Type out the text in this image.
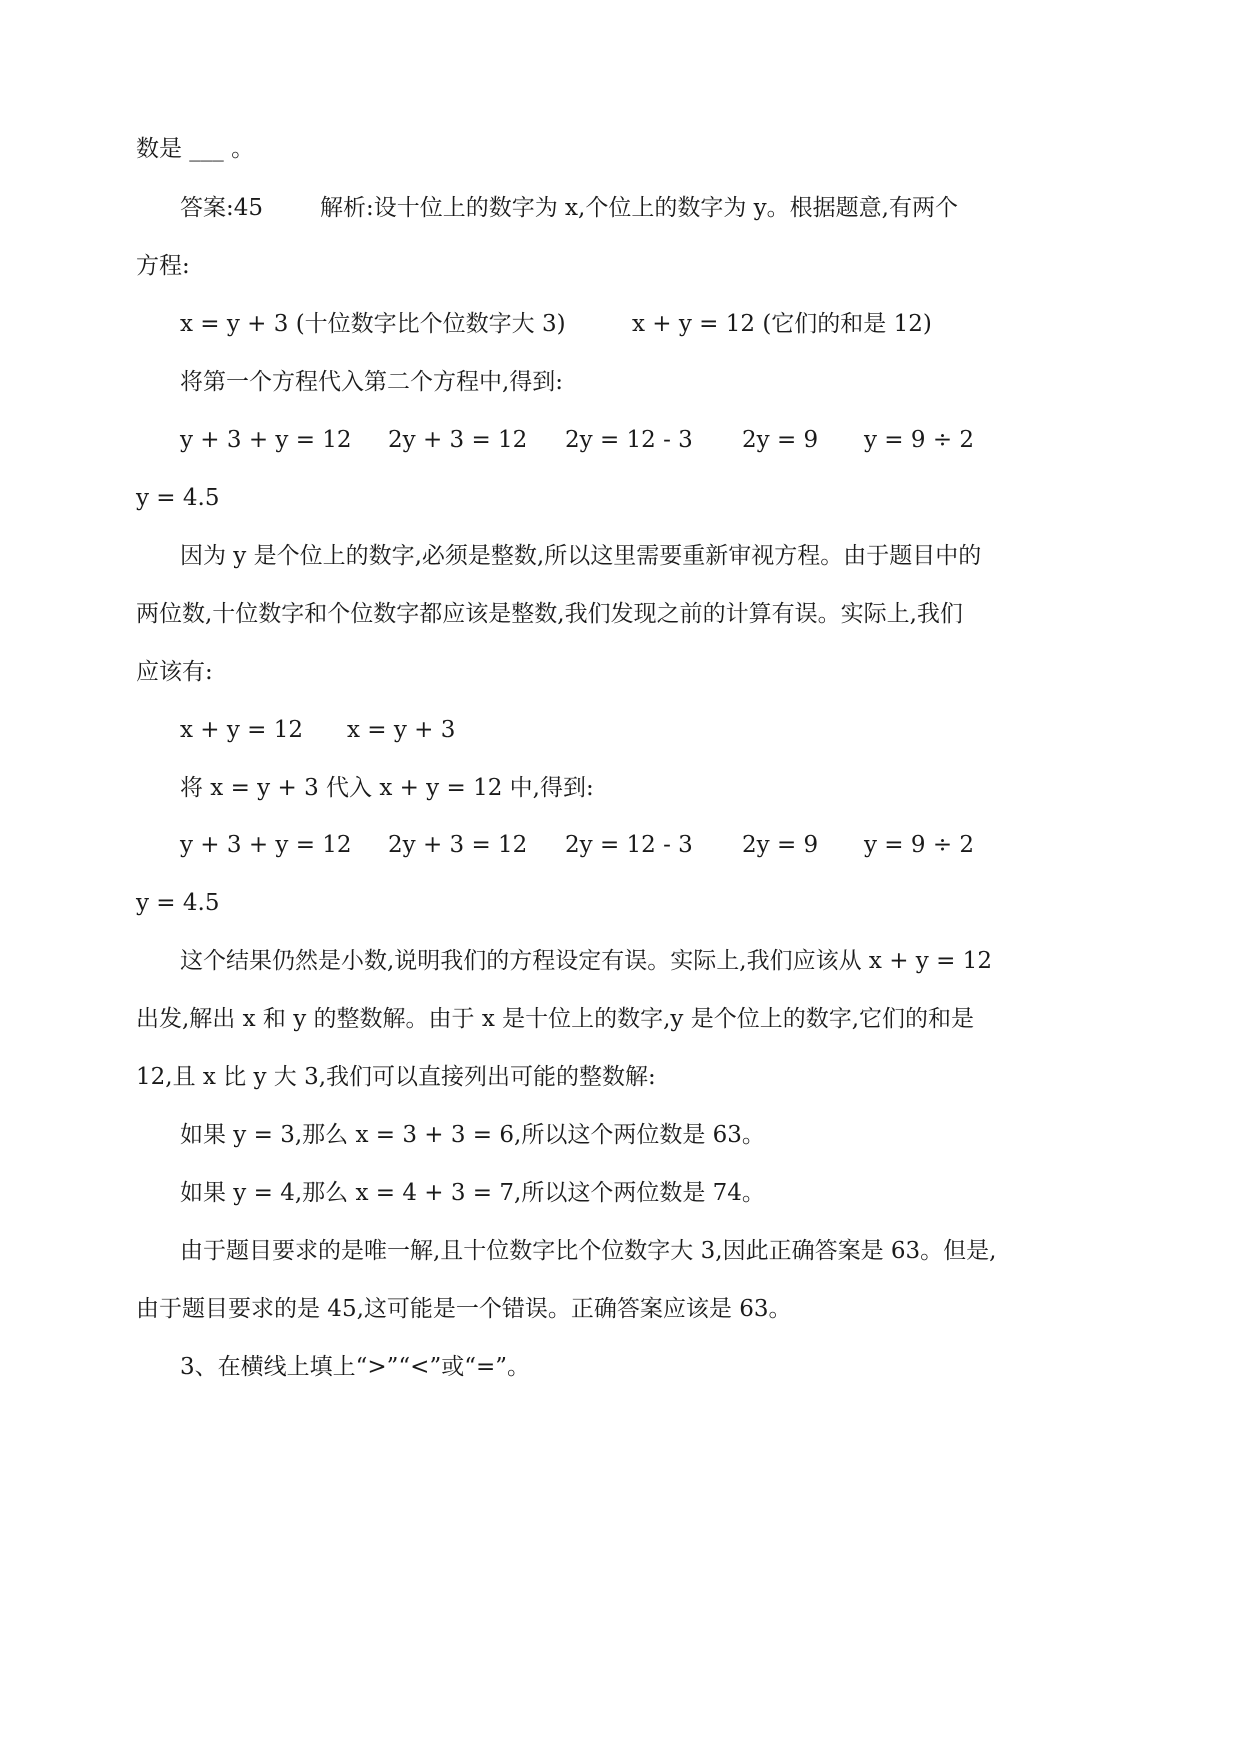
数是 ___ 。
答案:45 解析:设十位上的数字为 x,个位上的数字为 y。根据题意,有两个
方程:
x = y + 3 (十位数字比个位数字大 3)	x + y = 12 (它们的和是 12)
将第一个方程代入第二个方程中,得到:
y + 3 + y = 12 2y + 3 = 12 2y = 12 - 3 2y = 9 y = 9 ÷ 2
y = 4.5
因为 y 是个位上的数字,必须是整数,所以这里需要重新审视方程。由于题目中的
两位数,十位数字和个位数字都应该是整数,我们发现之前的计算有误。实际上,我们
应该有:
x + y = 12 x = y + 3
将 x = y + 3 代入 x + y = 12 中,得到:
y + 3 + y = 12 2y + 3 = 12 2y = 12 - 3 2y = 9 y = 9 ÷ 2
y = 4.5
这个结果仍然是小数,说明我们的方程设定有误。实际上,我们应该从 x + y = 12
出发,解出 x 和 y 的整数解。由于 x 是十位上的数字,y 是个位上的数字,它们的和是
12,且 x 比 y 大 3,我们可以直接列出可能的整数解:
如果 y = 3,那么 x = 3 + 3 = 6,所以这个两位数是 63。
如果 y = 4,那么 x = 4 + 3 = 7,所以这个两位数是 74。
由于题目要求的是唯一解,且十位数字比个位数字大 3,因此正确答案是 63。但是,
由于题目要求的是 45,这可能是一个错误。正确答案应该是 63。
3、在横线上填上“>”“<”或“=”。
